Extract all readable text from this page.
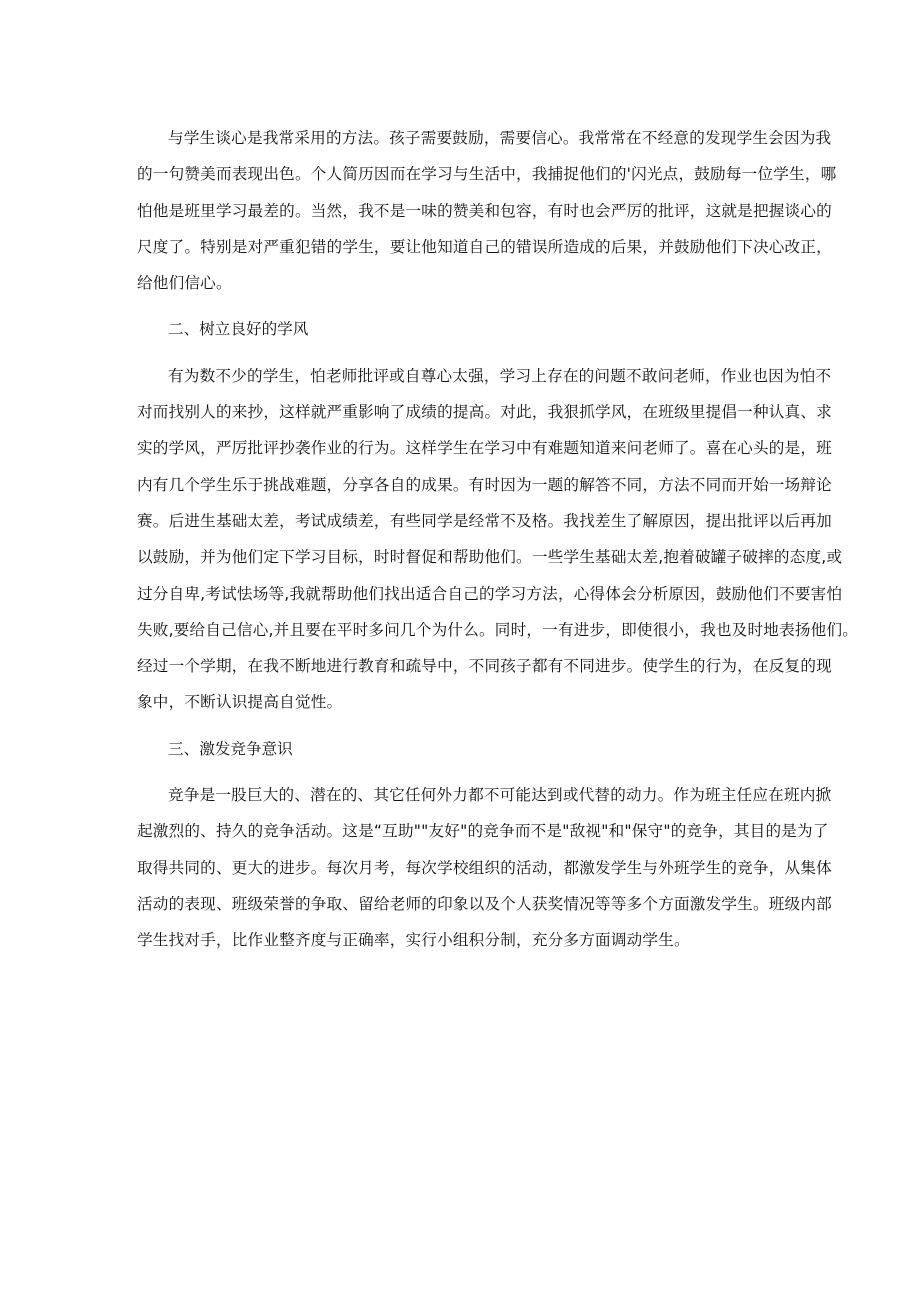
与学生谈心是我常采用的方法。孩子需要鼓励，需要信心。我常常在不经意的发现学生会因为我
的一句赞美而表现出色。个人简历因而在学习与生活中，我捕捉他们的'闪光点，鼓励每一位学生，哪
怕他是班里学习最差的。当然，我不是一味的赞美和包容，有时也会严厉的批评，这就是把握谈心的
尺度了。特别是对严重犯错的学生，要让他知道自己的错误所造成的后果，并鼓励他们下决心改正，
给他们信心。

二、树立良好的学风

有为数不少的学生，怕老师批评或自尊心太强，学习上存在的问题不敢问老师，作业也因为怕不
对而找别人的来抄，这样就严重影响了成绩的提高。对此，我狠抓学风，在班级里提倡一种认真、求
实的学风，严厉批评抄袭作业的行为。这样学生在学习中有难题知道来问老师了。喜在心头的是，班
内有几个学生乐于挑战难题，分享各自的成果。有时因为一题的解答不同，方法不同而开始一场辩论
赛。后进生基础太差，考试成绩差，有些同学是经常不及格。我找差生了解原因，提出批评以后再加
以鼓励，并为他们定下学习目标，时时督促和帮助他们。一些学生基础太差,抱着破罐子破摔的态度,或
过分自卑,考试怯场等,我就帮助他们找出适合自己的学习方法，心得体会分析原因，鼓励他们不要害怕
失败,要给自己信心,并且要在平时多问几个为什么。同时，一有进步，即使很小，我也及时地表扬他们。
经过一个学期，在我不断地进行教育和疏导中，不同孩子都有不同进步。使学生的行为，在反复的现
象中，不断认识提高自觉性。

三、激发竞争意识

竞争是一股巨大的、潜在的、其它任何外力都不可能达到或代替的动力。作为班主任应在班内掀
起激烈的、持久的竞争活动。这是“互助""友好"的竞争而不是"敌视"和"保守"的竞争，其目的是为了
取得共同的、更大的进步。每次月考，每次学校组织的活动，都激发学生与外班学生的竞争，从集体
活动的表现、班级荣誉的争取、留给老师的印象以及个人获奖情况等等多个方面激发学生。班级内部
学生找对手，比作业整齐度与正确率，实行小组积分制，充分多方面调动学生。
